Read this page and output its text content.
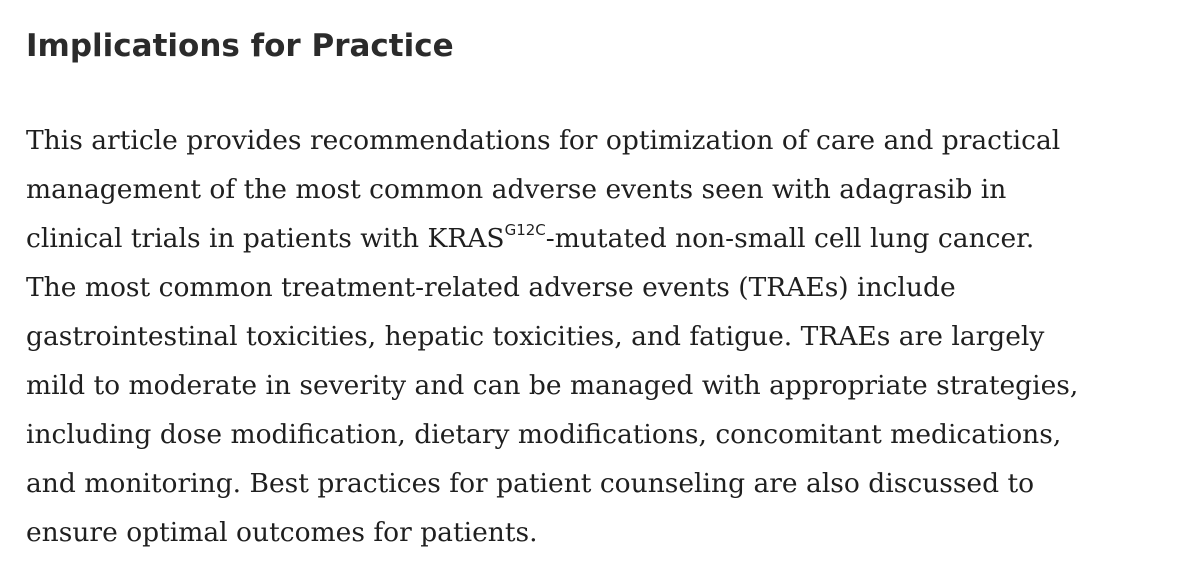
Implications for Practice

This article provides recommendations for optimization of care and practical
management of the most common adverse events seen with adagrasib in
clinical trials in patients with $KRAS^{G12C}$-mutated non-small cell lung cancer.
The most common treatment-related adverse events (TRAEs) include
gastrointestinal toxicities, hepatic toxicities, and fatigue. TRAEs are largely
mild to moderate in severity and can be managed with appropriate strategies,
including dose modification, dietary modifications, concomitant medications,
and monitoring. Best practices for patient counseling are also discussed to
ensure optimal outcomes for patients.
